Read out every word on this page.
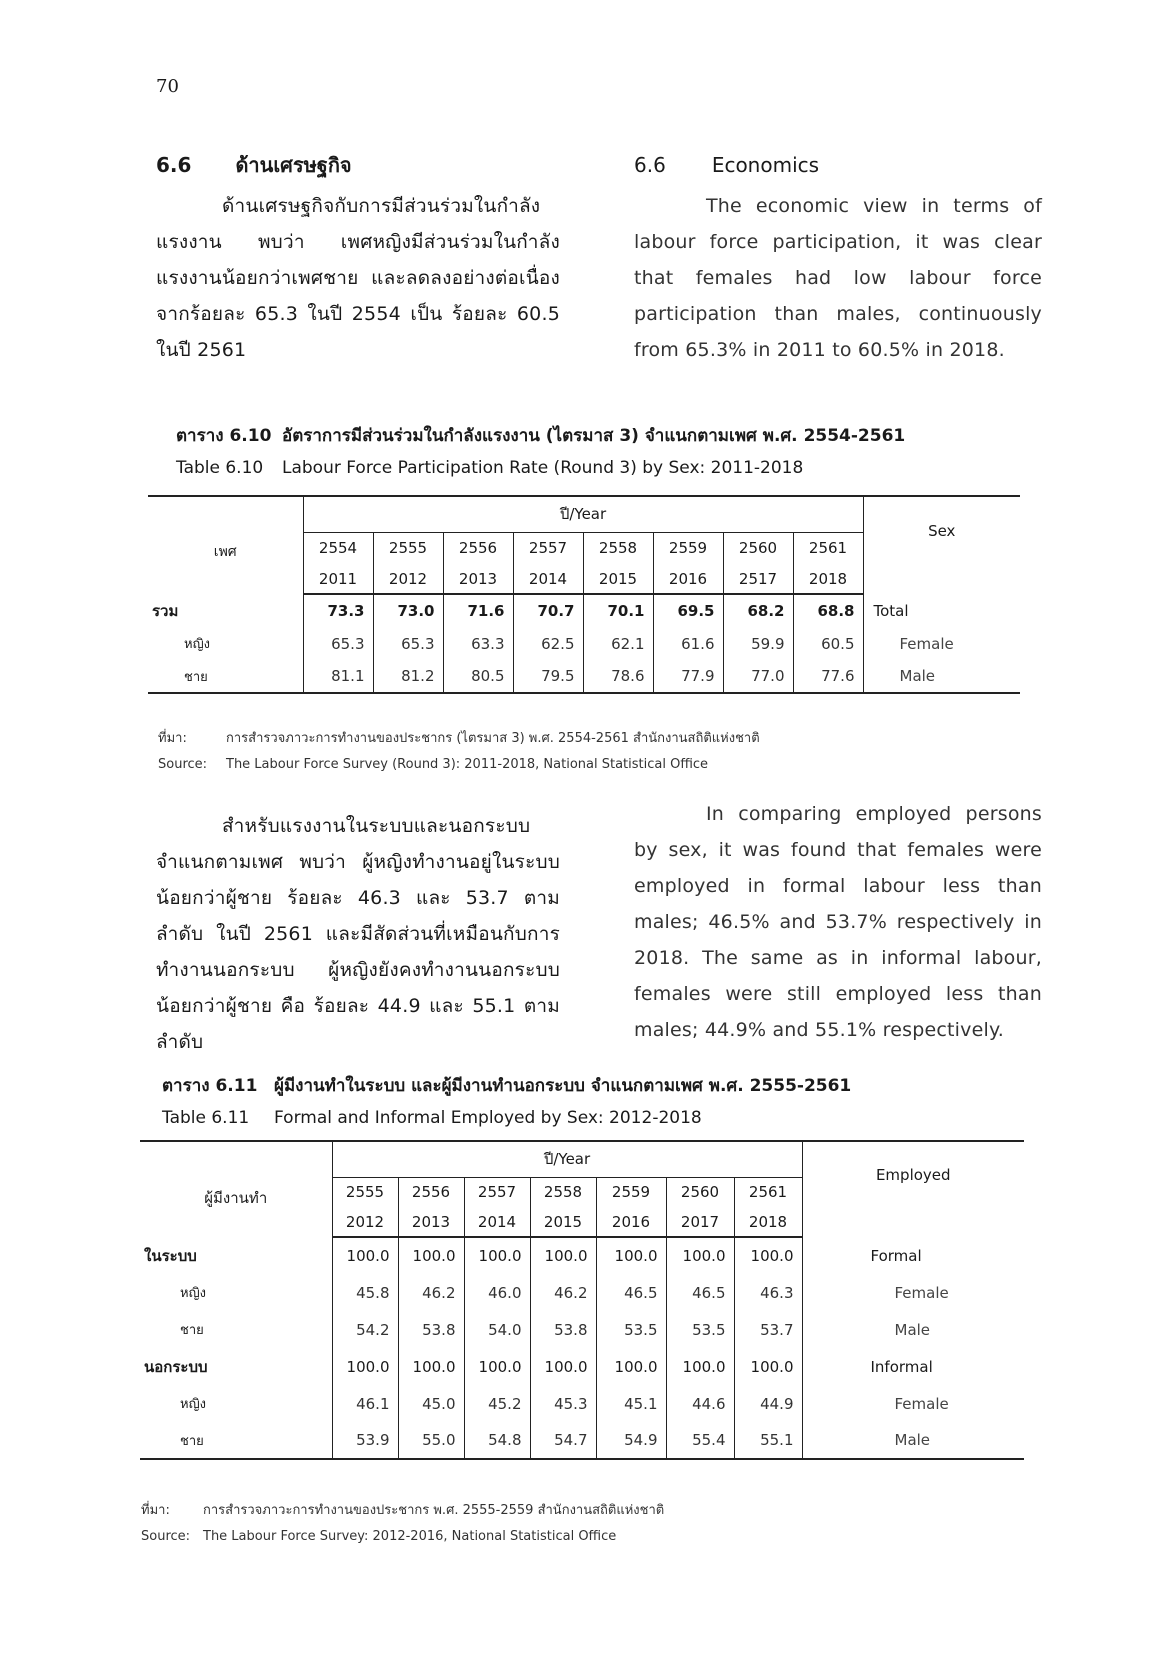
70
6.6 ด้านเศรษฐกิจ

ด้านเศรษฐกิจกับการมีส่วนร่วมในกำลังแรงงาน พบว่า เพศหญิงมีส่วนร่วมในกำลังแรงงานน้อยกว่าเพศชาย และลดลงอย่างต่อเนื่อง จากร้อยละ 65.3 ในปี 2554 เป็น ร้อยละ 60.5 ในปี 2561

6.6 Economics

The economic view in terms of labour force participation, it was clear that females had low labour force participation than males, continuously from 65.3% in 2011 to 60.5% in 2018.

ตาราง 6.10 อัตราการมีส่วนร่วมในกำลังแรงงาน (ไตรมาส 3) จำแนกตามเพศ พ.ศ. 2554-2561
Table 6.10 Labour Force Participation Rate (Round 3) by Sex: 2011-2018
เพศ	ปี/Year								Sex
	2554	2555	2556	2557	2558	2559	2560	2561	
	2011	2012	2013	2014	2015	2016	2517	2018	
รวม	73.3	73.0	71.6	70.7	70.1	69.5	68.2	68.8	Total
หญิง	65.3	65.3	63.3	62.5	62.1	61.6	59.9	60.5	Female
ชาย	81.1	81.2	80.5	79.5	78.6	77.9	77.0	77.6	Male
ที่มา:	การสำรวจภาวะการทำงานของประชากร (ไตรมาส 3) พ.ศ. 2554-2561 สำนักงานสถิติแห่งชาติ
Source: The Labour Force Survey (Round 3): 2011-2018, National Statistical Office

สำหรับแรงงานในระบบและนอกระบบ จำแนกตามเพศ พบว่า ผู้หญิงทำงานอยู่ในระบบน้อยกว่าผู้ชาย ร้อยละ 46.3 และ 53.7 ตามลำดับ ในปี 2561 และมีสัดส่วนที่เหมือนกับการทำงานนอกระบบ ผู้หญิงยังคงทำงานนอกระบบน้อยกว่าผู้ชาย คือ ร้อยละ 44.9 และ 55.1 ตามลำดับ

In comparing employed persons by sex, it was found that females were employed in formal labour less than males; 46.5% and 53.7% respectively in 2018. The same as in informal labour, females were still employed less than males; 44.9% and 55.1% respectively.

ตาราง 6.11 ผู้มีงานทำในระบบ และผู้มีงานทำนอกระบบ จำแนกตามเพศ พ.ศ. 2555-2561
Table 6.11 Formal and Informal Employed by Sex: 2012-2018
ผู้มีงานทำ	ปี/Year							Employed
	2555	2556	2557	2558	2559	2560	2561	
	2012	2013	2014	2015	2016	2017	2018	
ในระบบ	100.0	100.0	100.0	100.0	100.0	100.0	100.0	Formal
หญิง	45.8	46.2	46.0	46.2	46.5	46.5	46.3	Female
ชาย	54.2	53.8	54.0	53.8	53.5	53.5	53.7	Male
นอกระบบ	100.0	100.0	100.0	100.0	100.0	100.0	100.0	Informal
หญิง	46.1	45.0	45.2	45.3	45.1	44.6	44.9	Female
ชาย	53.9	55.0	54.8	54.7	54.9	55.4	55.1	Male
ที่มา:	การสำรวจภาวะการทำงานของประชากร พ.ศ. 2555-2559 สำนักงานสถิติแห่งชาติ
Source: The Labour Force Survey: 2012-2016, National Statistical Office
